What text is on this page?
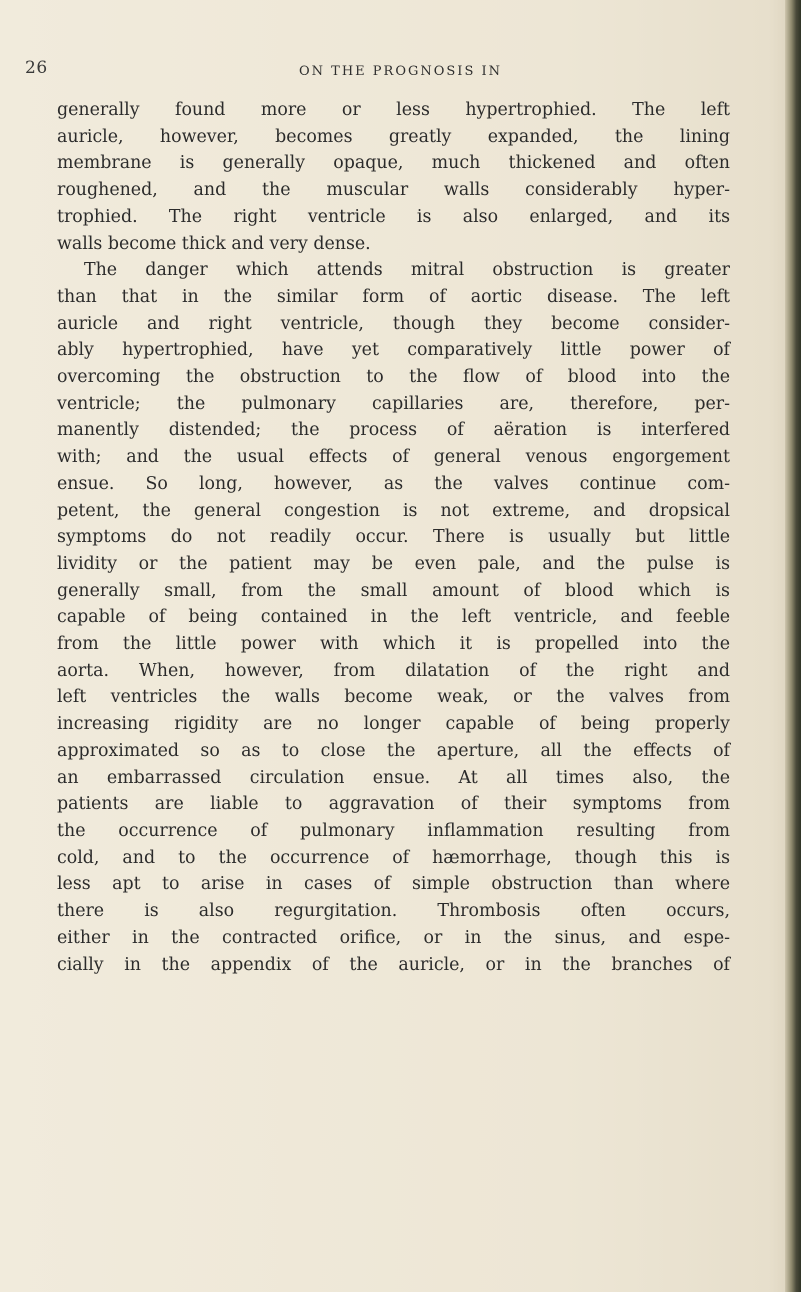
26	ON THE PROGNOSIS IN
generally found more or less hypertrophied. The left
auricle, however, becomes greatly expanded, the lining
membrane is generally opaque, much thickened and often
roughened, and the muscular walls considerably hyper-
trophied. The right ventricle is also enlarged, and its
walls become thick and very dense.
The danger which attends mitral obstruction is greater
than that in the similar form of aortic disease. The left
auricle and right ventricle, though they become consider-
ably hypertrophied, have yet comparatively little power of
overcoming the obstruction to the flow of blood into the
ventricle; the pulmonary capillaries are, therefore, per-
manently distended; the process of aëration is interfered
with; and the usual effects of general venous engorgement
ensue. So long, however, as the valves continue com-
petent, the general congestion is not extreme, and dropsical
symptoms do not readily occur. There is usually but little
lividity or the patient may be even pale, and the pulse is
generally small, from the small amount of blood which is
capable of being contained in the left ventricle, and feeble
from the little power with which it is propelled into the
aorta. When, however, from dilatation of the right and
left ventricles the walls become weak, or the valves from
increasing rigidity are no longer capable of being properly
approximated so as to close the aperture, all the effects of
an embarrassed circulation ensue. At all times also, the
patients are liable to aggravation of their symptoms from
the occurrence of pulmonary inflammation resulting from
cold, and to the occurrence of hæmorrhage, though this is
less apt to arise in cases of simple obstruction than where
there is also regurgitation. Thrombosis often occurs,
either in the contracted orifice, or in the sinus, and espe-
cially in the appendix of the auricle, or in the branches of
